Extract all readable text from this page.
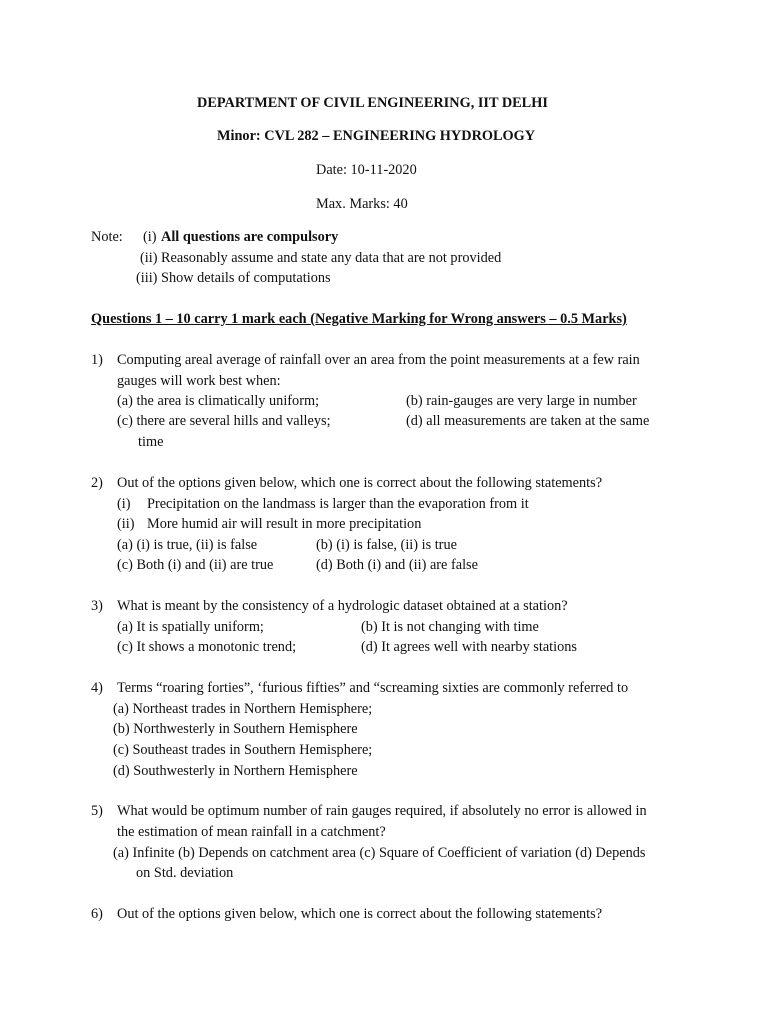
DEPARTMENT OF CIVIL ENGINEERING, IIT DELHI
Minor: CVL 282 – ENGINEERING HYDROLOGY
Date: 10-11-2020
Max. Marks: 40
Note: (i) All questions are compulsory
(ii) Reasonably assume and state any data that are not provided
(iii) Show details of computations
Questions 1 – 10 carry 1 mark each (Negative Marking for Wrong answers – 0.5 Marks)
1) Computing areal average of rainfall over an area from the point measurements at a few rain
gauges will work best when:
(a) the area is climatically uniform;	(b) rain-gauges are very large in number
(c) there are several hills and valleys;	(d) all measurements are taken at the same
time
2) Out of the options given below, which one is correct about the following statements?
(i) Precipitation on the landmass is larger than the evaporation from it
(ii) More humid air will result in more precipitation
(a) (i) is true, (ii) is false	(b) (i) is false, (ii) is true
(c) Both (i) and (ii) are true	(d) Both (i) and (ii) are false
3) What is meant by the consistency of a hydrologic dataset obtained at a station?
(a) It is spatially uniform;	(b) It is not changing with time
(c) It shows a monotonic trend;	(d) It agrees well with nearby stations
4) Terms “roaring forties”, ‘furious fifties” and “screaming sixties are commonly referred to
(a) Northeast trades in Northern Hemisphere;
(b) Northwesterly in Southern Hemisphere
(c) Southeast trades in Southern Hemisphere;
(d) Southwesterly in Northern Hemisphere
5) What would be optimum number of rain gauges required, if absolutely no error is allowed in
the estimation of mean rainfall in a catchment?
(a) Infinite (b) Depends on catchment area (c) Square of Coefficient of variation (d) Depends
on Std. deviation
6) Out of the options given below, which one is correct about the following statements?
